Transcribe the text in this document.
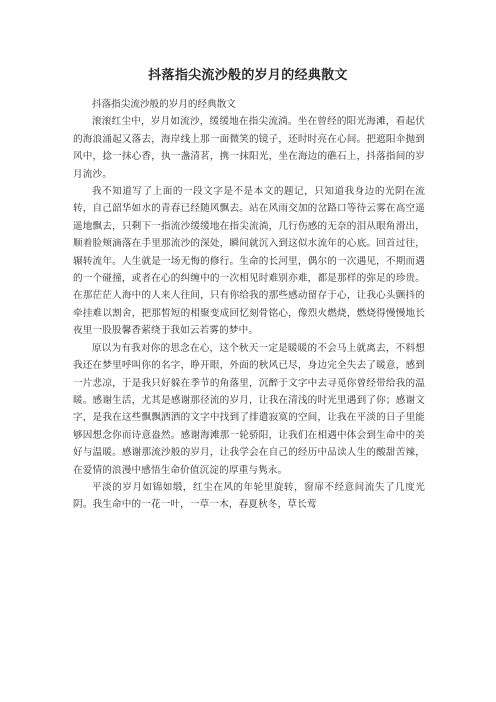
抖落指尖流沙般的岁月的经典散文

抖落指尖流沙般的岁月的经典散文

滚滚红尘中，岁月如流沙，缓缓地在指尖流淌。坐在曾经的阳光海滩，看起伏的海浪涌起又落去，海岸线上那一面微笑的镜子，还时时亮在心间。把遮阳伞抛到风中，捻一抹心香，执一盏清茗，携一抹阳光，坐在海边的礁石上，抖落指间的岁月流沙。

我不知道写了上面的一段文字是不是本文的题记，只知道我身边的光阴在流转，自己韶华如水的青春已经随风飘去。站在风雨交加的岔路口等待云雾在高空遥遥地飘去，只剩下一指流沙缓缓地在指尖流淌，几行伤感的无奈的泪从眼角滑出，顺着脸颊滴落在手里那流沙的深处，瞬间就沉入到这似水流年的心底。回首过往，辗转流年。人生就是一场无悔的修行。生命的长河里，偶尔的一次遇见，不期而遇的一个碰撞，或者在心的纠缠中的一次相见时难别亦难，都是那样的弥足的珍贵。在那茫茫人海中的人来人往间，只有你给我的那些感动留存于心，让我心头颤抖的牵挂难以割舍，把那皙短的相聚变成回忆刻骨铭心，像烈火燃烧，燃烧得慢慢地长夜里一股股馨香萦绕于我如云若雾的梦中。

原以为有我对你的思念在心，这个秋天一定是暖暖的不会马上就离去，不料想我还在梦里呼叫你的名字，睁开眼，外面的秋风已尽，身边完全失去了暖意，感到一片悲凉，于是我只好躲在季节的角落里，沉醉于文字中去寻觅你曾经带给我的温暖。感谢生活，尤其是感谢那径流的岁月，让我在清浅的时光里遇到了你；感谢文字，是我在这些飘飘洒洒的文字中找到了排遣寂寞的空间，让我在平淡的日子里能够因想念你而诗意盎然。感谢海滩那一轮骄阳，让我们在相遇中体会到生命中的美好与温暖。感谢那流沙般的岁月，让我学会在自己的经历中品读人生的酸甜苦辣，在爱情的浪漫中感悟生命价值沉淀的厚重与隽永。

平淡的岁月如锦如缎，红尘在风的年轮里旋转，窗扉不经意间流失了几度光阴。我生命中的一花一叶，一草一木，春夏秋冬，草长莺
